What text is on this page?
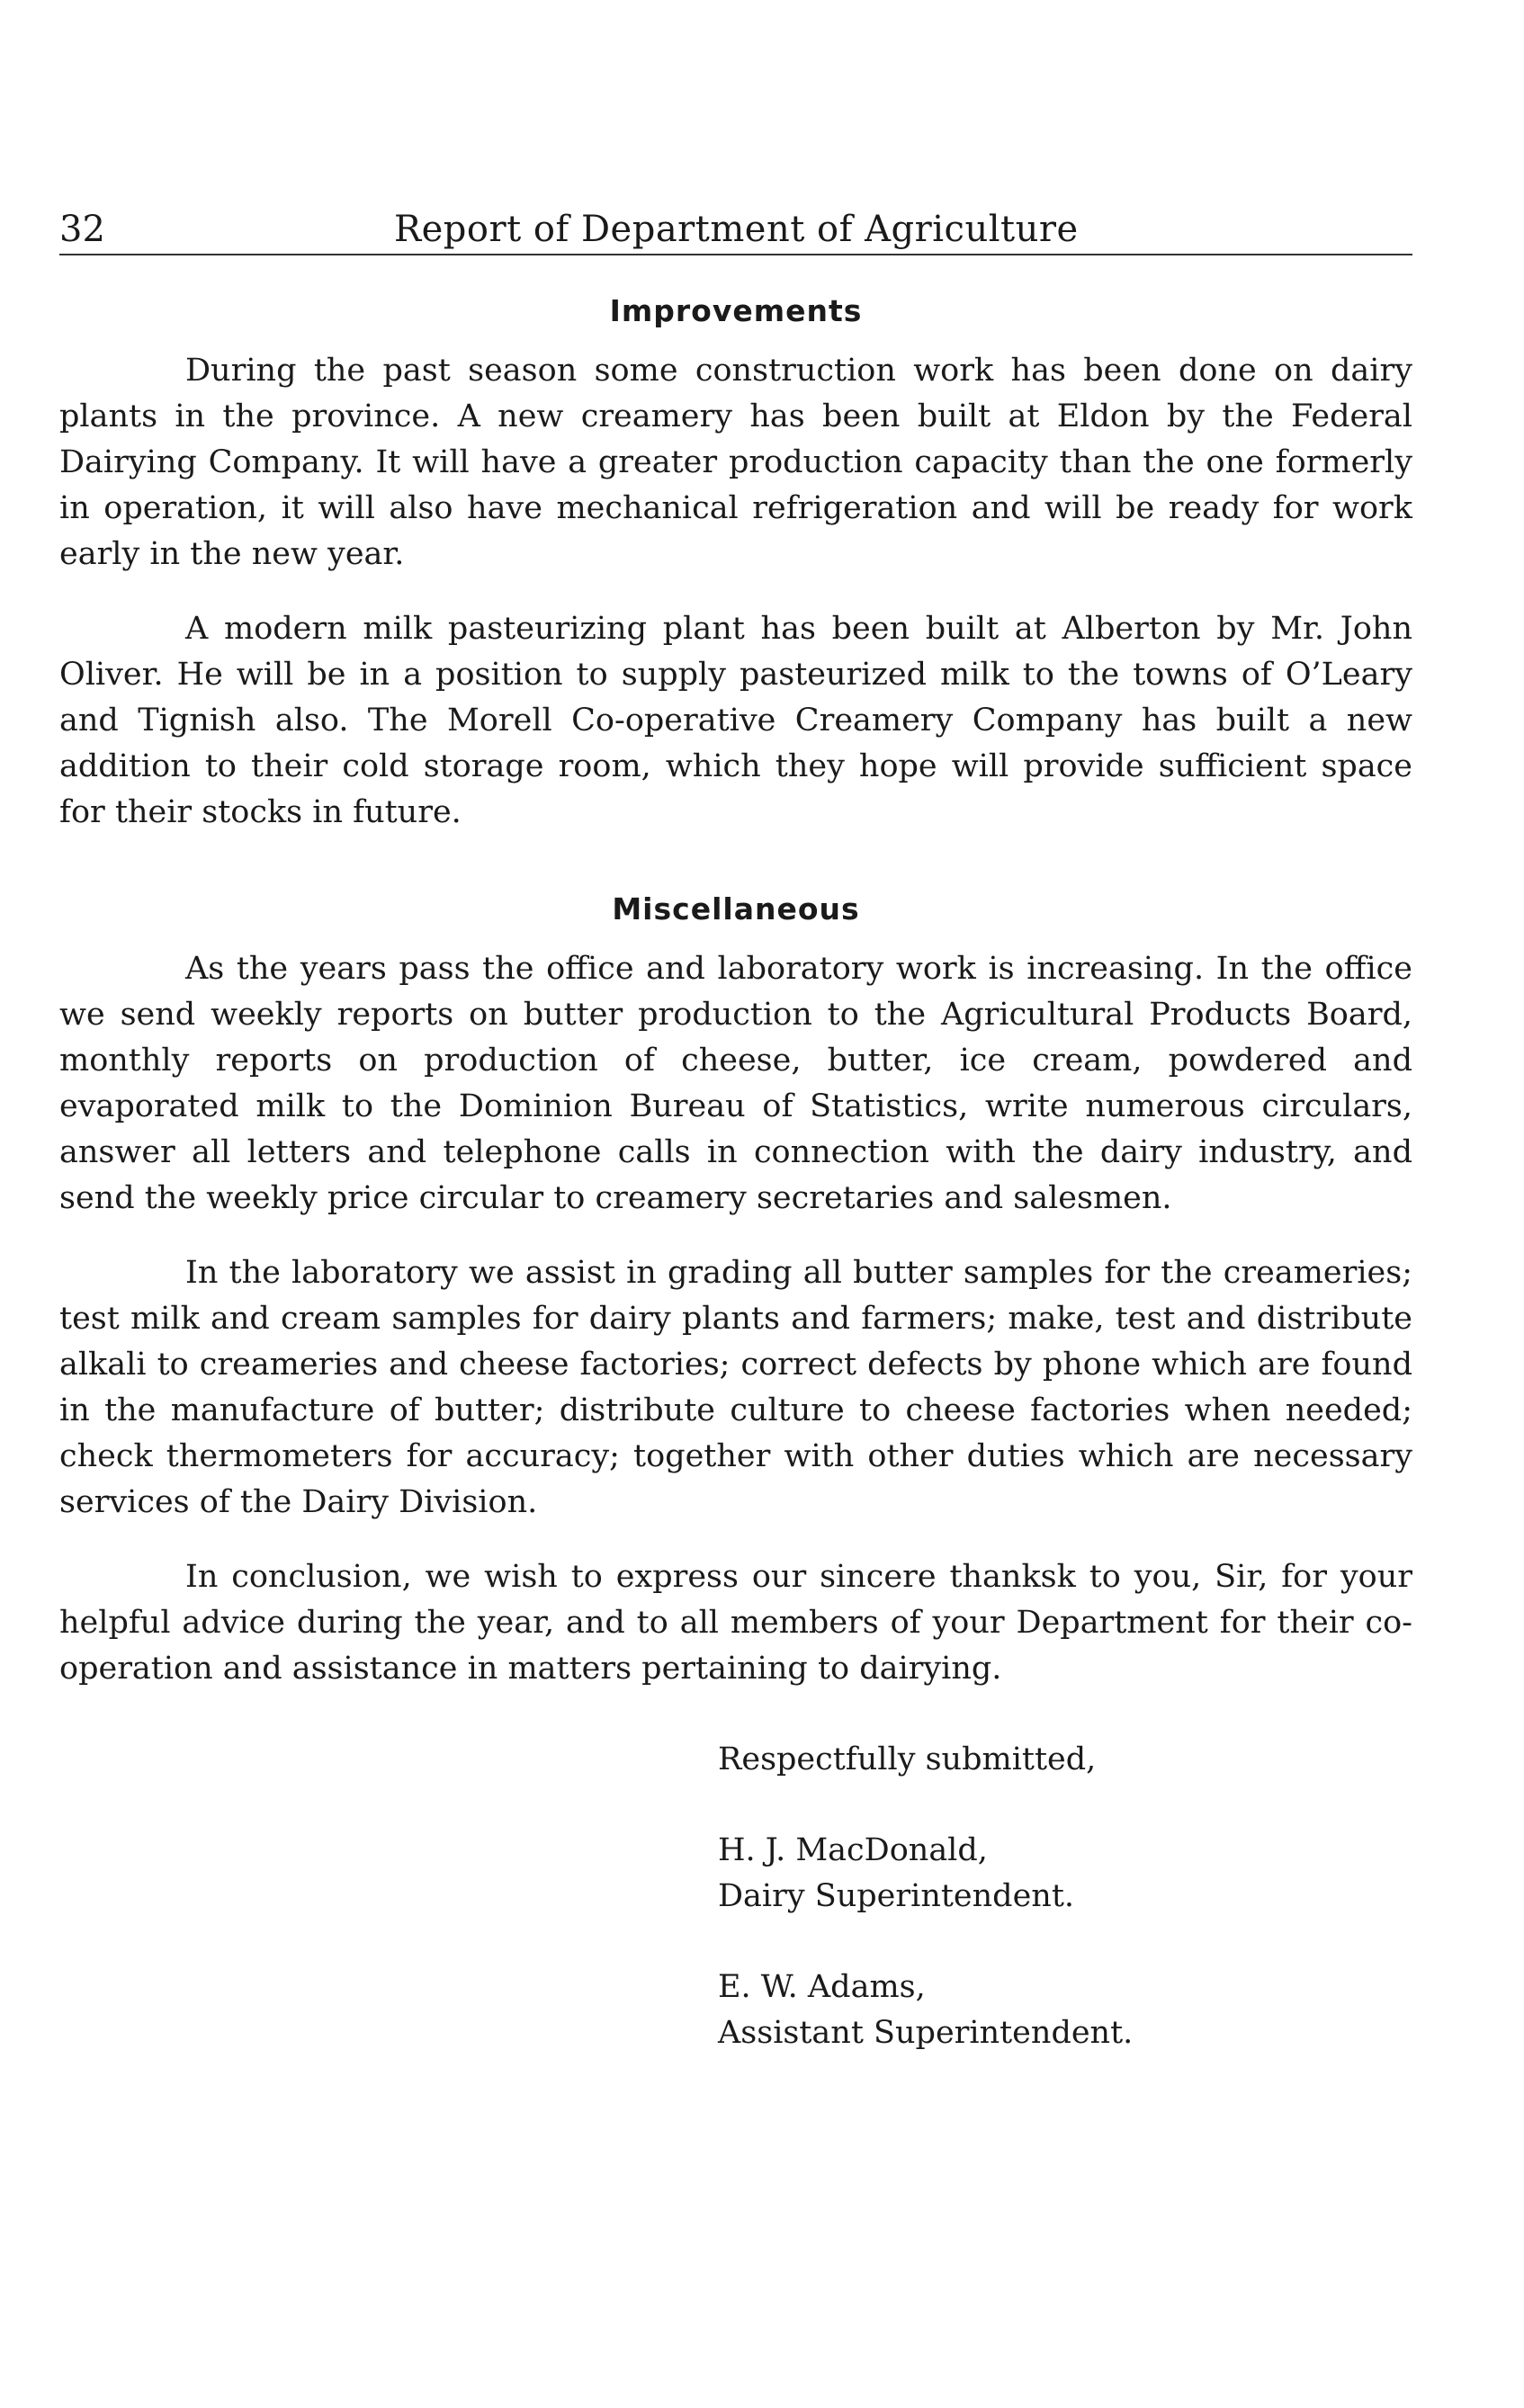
32	Report of Department of Agriculture
Improvements

During the past season some construction work has been done on dairy plants in the province. A new creamery has been built at Eldon by the Federal Dairying Company. It will have a greater production capacity than the one formerly in operation, it will also have mechanical refrigeration and will be ready for work early in the new year.

A modern milk pasteurizing plant has been built at Alberton by Mr. John Oliver. He will be in a position to supply pasteurized milk to the towns of O’Leary and Tignish also. The Morell Co-operative Creamery Company has built a new addition to their cold storage room, which they hope will provide sufficient space for their stocks in future.

Miscellaneous

As the years pass the office and laboratory work is increasing. In the office we send weekly reports on butter production to the Agricultural Products Board, monthly reports on production of cheese, butter, ice cream, powdered and evaporated milk to the Dominion Bureau of Statistics, write numerous circulars, answer all letters and telephone calls in connection with the dairy industry, and send the weekly price circular to creamery secretaries and salesmen.

In the laboratory we assist in grading all butter samples for the creameries; test milk and cream samples for dairy plants and farmers; make, test and distribute alkali to creameries and cheese factories; correct defects by phone which are found in the manufacture of butter; distribute culture to cheese factories when needed; check thermometers for accuracy; together with other duties which are necessary services of the Dairy Division.

In conclusion, we wish to express our sincere thanksk to you, Sir, for your helpful advice during the year, and to all members of your Department for their co-operation and assistance in matters pertaining to dairying.

Respectfully submitted,
H. J. MacDonald,
Dairy Superintendent.
E. W. Adams,
Assistant Superintendent.
